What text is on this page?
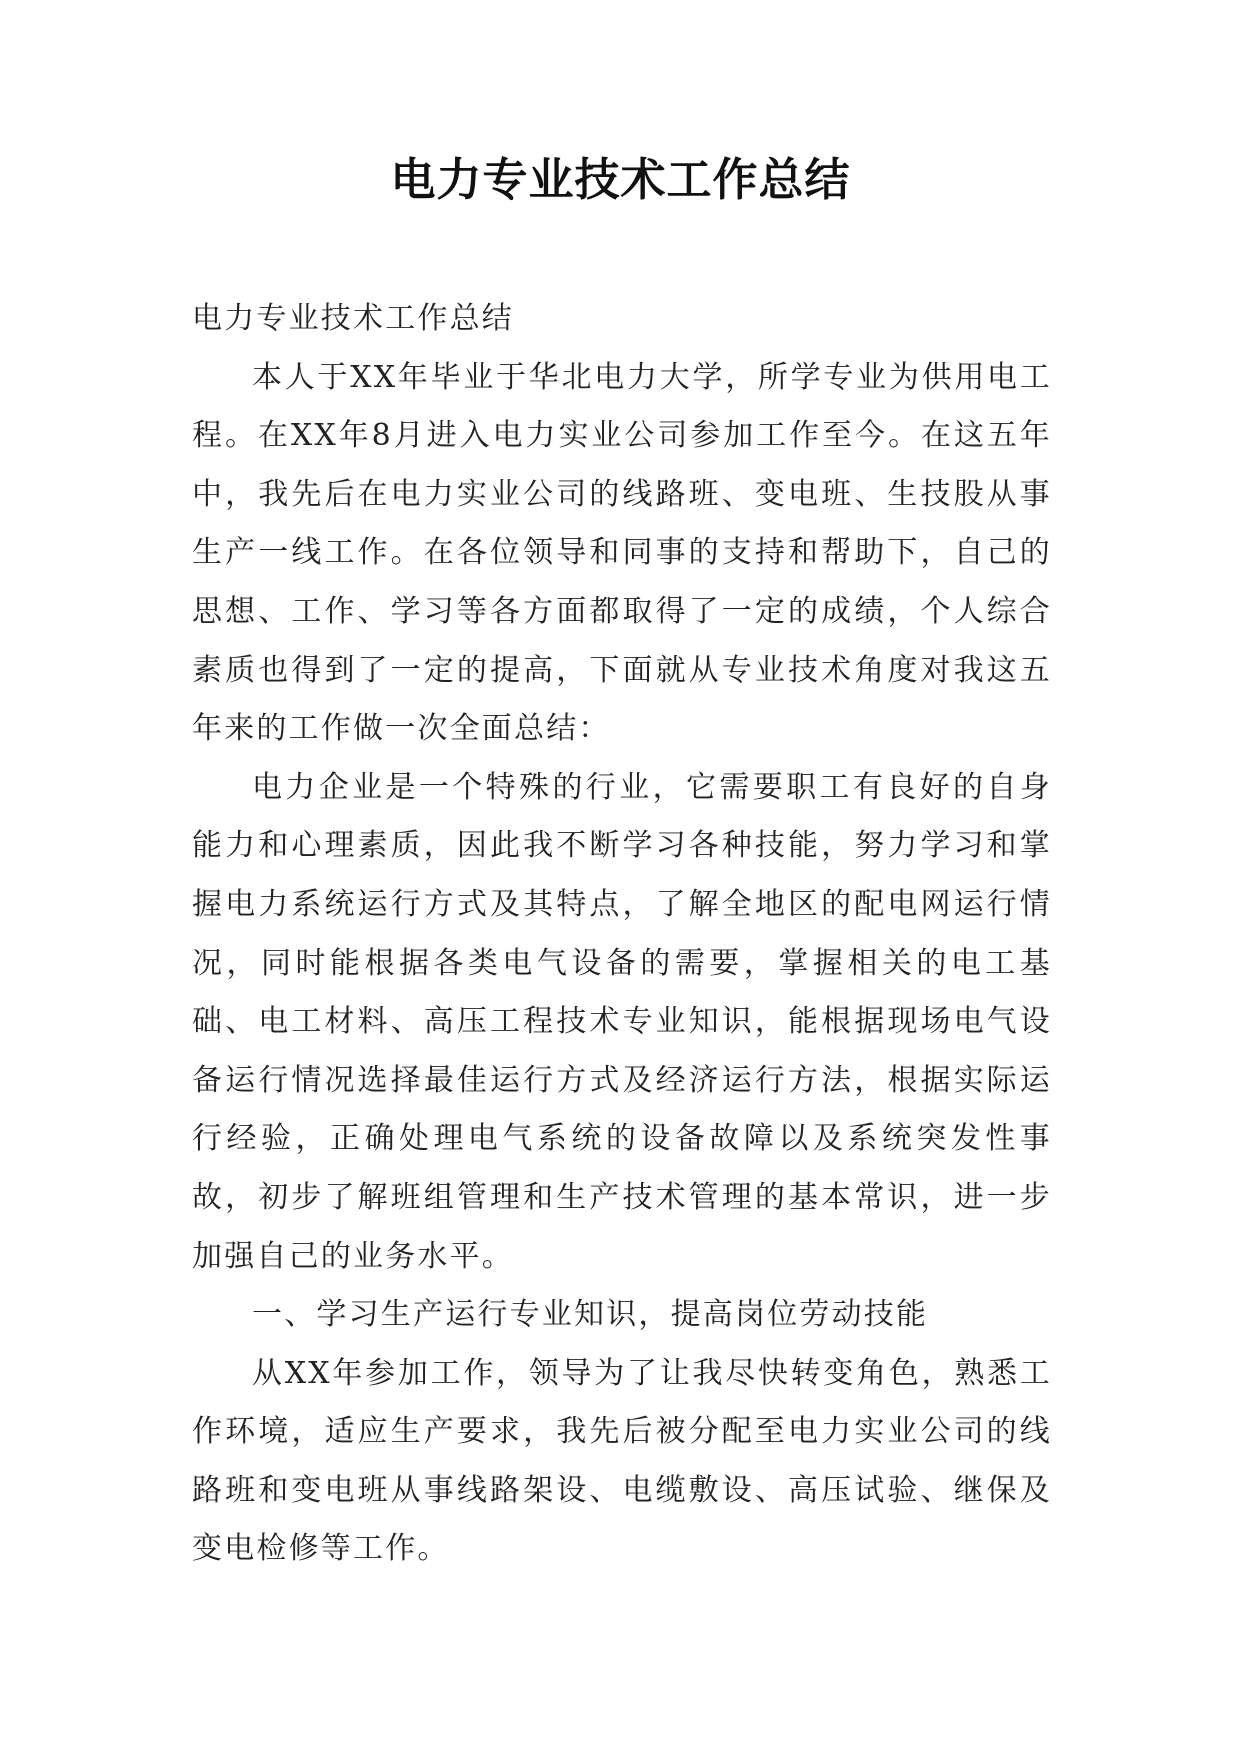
电力专业技术工作总结

电力专业技术工作总结

本人于XX年毕业于华北电力大学，所学专业为供用电工程。在XX年8月进入电力实业公司参加工作至今。在这五年中，我先后在电力实业公司的线路班、变电班、生技股从事生产一线工作。在各位领导和同事的支持和帮助下，自己的思想、工作、学习等各方面都取得了一定的成绩，个人综合素质也得到了一定的提高，下面就从专业技术角度对我这五年来的工作做一次全面总结：

电力企业是一个特殊的行业，它需要职工有良好的自身能力和心理素质，因此我不断学习各种技能，努力学习和掌握电力系统运行方式及其特点，了解全地区的配电网运行情况，同时能根据各类电气设备的需要，掌握相关的电工基础、电工材料、高压工程技术专业知识，能根据现场电气设备运行情况选择最佳运行方式及经济运行方法，根据实际运行经验，正确处理电气系统的设备故障以及系统突发性事故，初步了解班组管理和生产技术管理的基本常识，进一步加强自己的业务水平。

一、学习生产运行专业知识，提高岗位劳动技能

从XX年参加工作，领导为了让我尽快转变角色，熟悉工作环境，适应生产要求，我先后被分配至电力实业公司的线路班和变电班从事线路架设、电缆敷设、高压试验、继保及变电检修等工作。
